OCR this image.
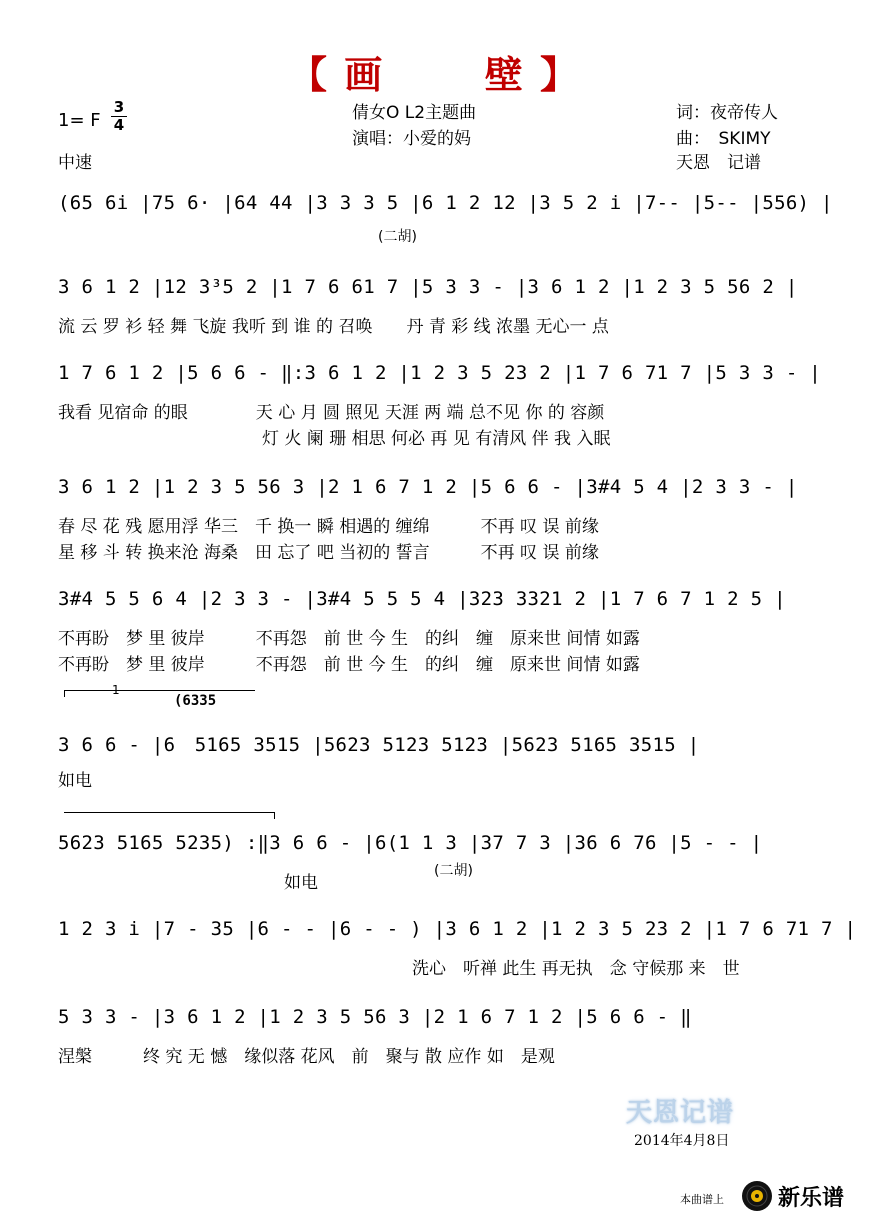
【 画	壁 】
倩女O L2主题曲
演唱：小爱的妈
词：夜帝传人
曲：　SKIMY
天恩　记谱
1= F
3
4
中速
(65 6i |75 6· |64 44 |3 3 3 5 |6 1 2 12 |3 5 2 i |7-- |5-- |556) |
(二胡)
3 6 1 2 |12 3³5 2 |1 7 6 61 7 |5 3 3 - |3 6 1 2 |1 2 3 5 56 2 |
流 云 罗 衫 轻 舞 飞旋 我听 到 谁 的 召唤　　丹 青 彩 线 浓墨 无心一 点
1 7 6 1 2 |5 6 6 - ‖:3 6 1 2 |1 2 3 5 23 2 |1 7 6 71 7 |5 3 3 - |
我看 见宿命 的眼　　　　天 心 月 圆 照见 天涯 两 端 总不见 你 的 容颜
　　　　　　　　　　　　灯 火 阑 珊 相思 何必 再 见 有清风 伴 我 入眠
3 6 1 2 |1 2 3 5 56 3 |2 1 6 7 1 2 |5 6 6 - |3#4 5 4 |2 3 3 - |
春 尽 花 残 愿用浮 华三　千 换一 瞬 相遇的 缠绵　　　不再 叹 误 前缘
星 移 斗 转 换来沧 海桑　田 忘了 吧 当初的 誓言　　　不再 叹 误 前缘
3#4 5 5 6 4 |2 3 3 - |3#4 5 5 5 4 |323 3321 2 |1 7 6 7 1 2 5 |
不再盼　梦 里 彼岸　　　不再怨　前 世 今 生　的纠　缠　原来世 间情 如露
不再盼　梦 里 彼岸　　　不再怨　前 世 今 生　的纠　缠　原来世 间情 如露
1
(6335
3 6 6 - |6　5165 3515 |5623 5123 5123 |5623 5165 3515 |
如电
5623 5165 5235) :‖3 6 6 - |6(1 1 3 |37 7 3 |36 6 76 |5 - - |
如电
(二胡)
1 2 3 i |7 - 35 |6 - - |6 - - ) |3 6 1 2 |1 2 3 5 23 2 |1 7 6 71 7 |
洗心　听禅 此生 再无执　念 守候那 来　世
5 3 3 - |3 6 1 2 |1 2 3 5 56 3 |2 1 6 7 1 2 |5 6 6 - ‖
涅槃　　　终 究 无 憾　缘似落 花风　前　聚与 散 应作 如　是观
天恩记谱
2014年4月8日
本曲谱上 新乐谱
